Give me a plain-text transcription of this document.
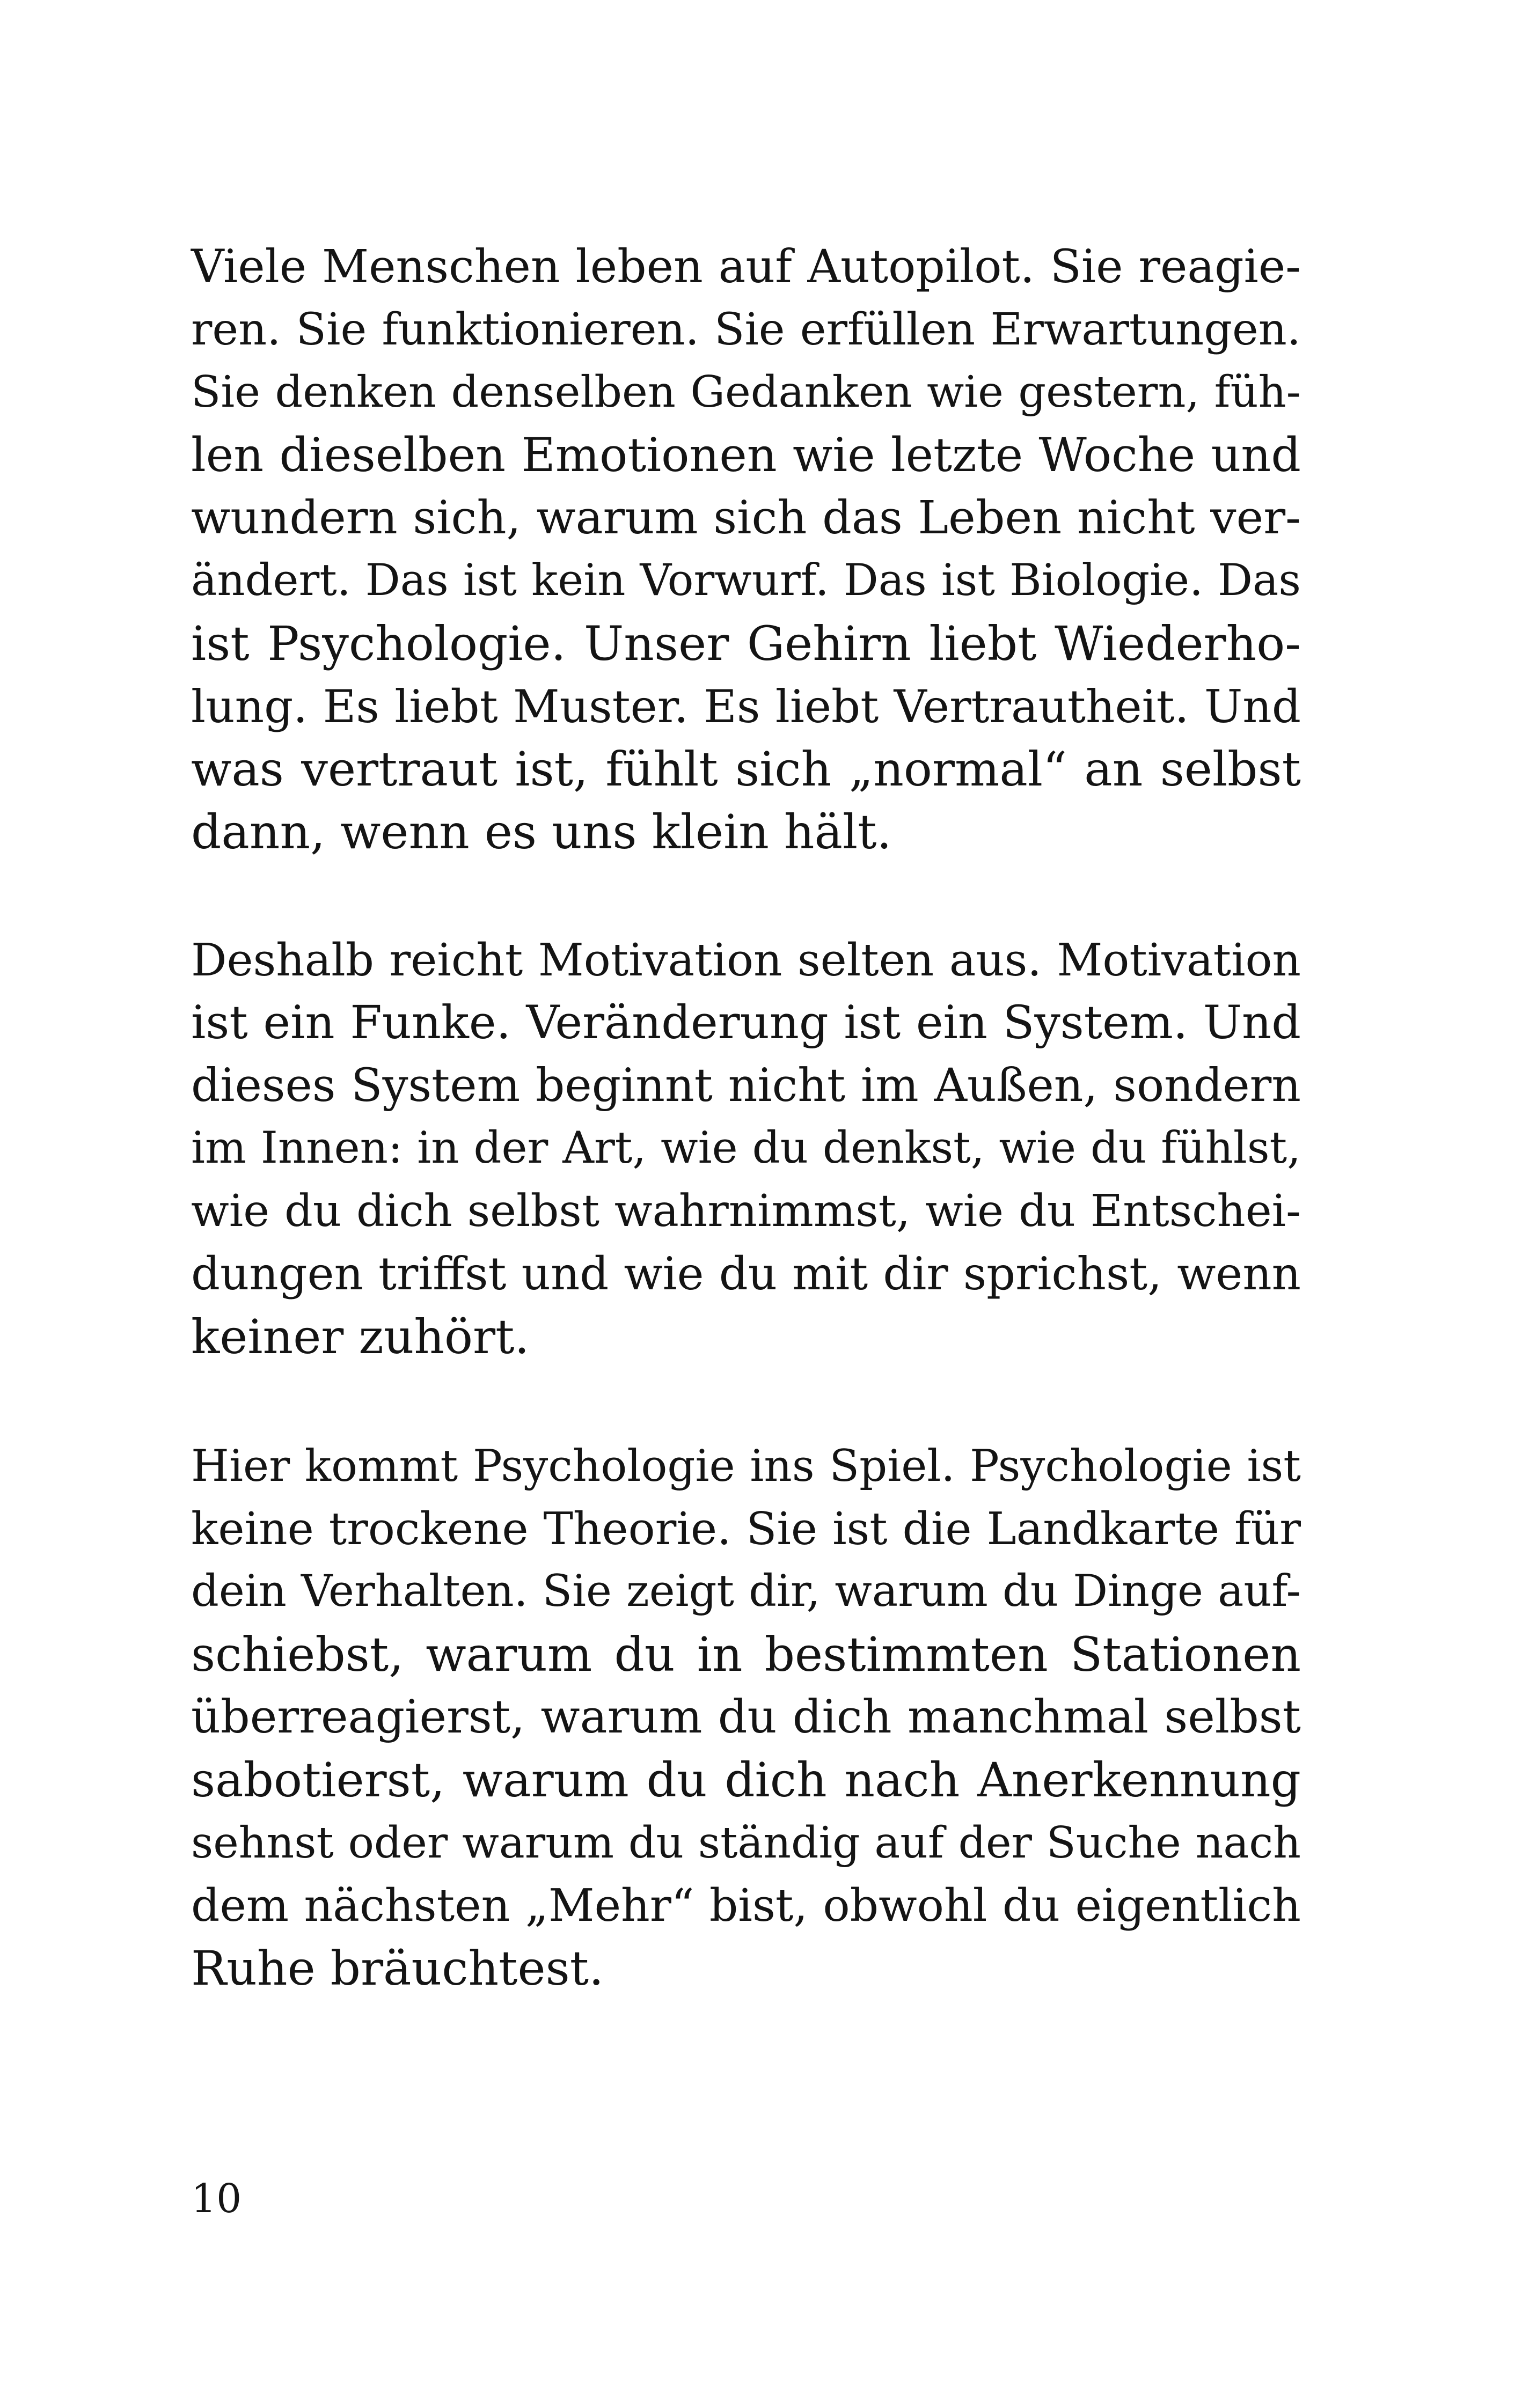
Viele Menschen leben auf Autopilot. Sie reagie-
ren. Sie funktionieren. Sie erfüllen Erwartungen.
Sie denken denselben Gedanken wie gestern, füh-
len dieselben Emotionen wie letzte Woche und
wundern sich, warum sich das Leben nicht ver-
ändert. Das ist kein Vorwurf. Das ist Biologie. Das
ist Psychologie. Unser Gehirn liebt Wiederho-
lung. Es liebt Muster. Es liebt Vertrautheit. Und
was vertraut ist, fühlt sich „normal“ an selbst
dann, wenn es uns klein hält.
Deshalb reicht Motivation selten aus. Motivation
ist ein Funke. Veränderung ist ein System. Und
dieses System beginnt nicht im Außen, sondern
im Innen: in der Art, wie du denkst, wie du fühlst,
wie du dich selbst wahrnimmst, wie du Entschei-
dungen triffst und wie du mit dir sprichst, wenn
keiner zuhört.
Hier kommt Psychologie ins Spiel. Psychologie ist
keine trockene Theorie. Sie ist die Landkarte für
dein Verhalten. Sie zeigt dir, warum du Dinge auf-
schiebst, warum du in bestimmten Stationen
überreagierst, warum du dich manchmal selbst
sabotierst, warum du dich nach Anerkennung
sehnst oder warum du ständig auf der Suche nach
dem nächsten „Mehr“ bist, obwohl du eigentlich
Ruhe bräuchtest.
10
